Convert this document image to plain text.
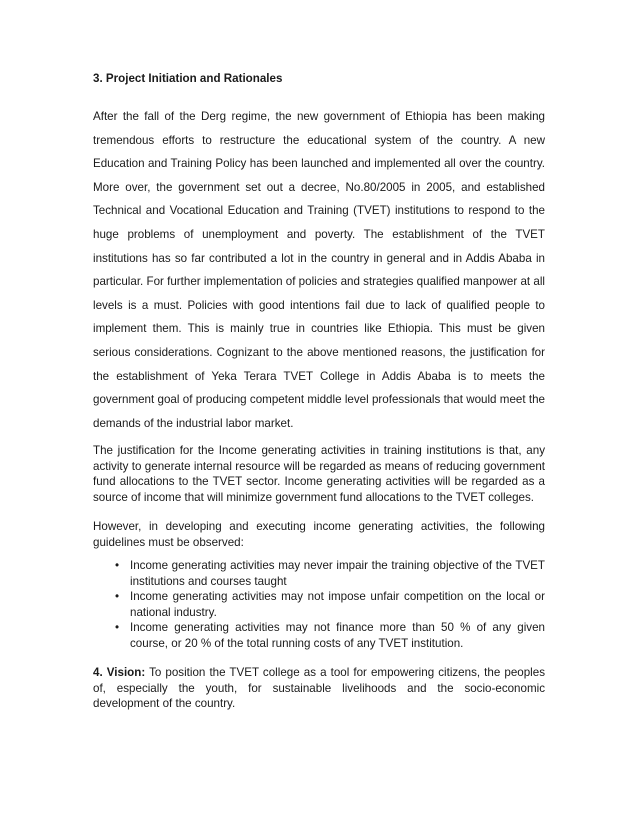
3. Project Initiation and Rationales

After the fall of the Derg regime, the new government of Ethiopia has been making tremendous efforts to restructure the educational system of the country. A new Education and Training Policy has been launched and implemented all over the country. More over, the government set out a decree, No.80/2005 in 2005, and established Technical and Vocational Education and Training (TVET) institutions to respond to the huge problems of unemployment and poverty. The establishment of the TVET institutions has so far contributed a lot in the country in general and in Addis Ababa in particular. For further implementation of policies and strategies qualified manpower at all levels is a must. Policies with good intentions fail due to lack of qualified people to implement them. This is mainly true in countries like Ethiopia. This must be given serious considerations. Cognizant to the above mentioned reasons, the justification for the establishment of Yeka Terara TVET College in Addis Ababa is to meets the government goal of producing competent middle level professionals that would meet the demands of the industrial labor market.

The justification for the Income generating activities in training institutions is that, any activity to generate internal resource will be regarded as means of reducing government fund allocations to the TVET sector. Income generating activities will be regarded as a source of income that will minimize government fund allocations to the TVET colleges.

However, in developing and executing income generating activities, the following guidelines must be observed:

• Income generating activities may never impair the training objective of the TVET institutions and courses taught
• Income generating activities may not impose unfair competition on the local or national industry.
• Income generating activities may not finance more than 50 % of any given course, or 20 % of the total running costs of any TVET institution.

4. Vision: To position the TVET college as a tool for empowering citizens, the peoples of, especially the youth, for sustainable livelihoods and the socio-economic development of the country.
